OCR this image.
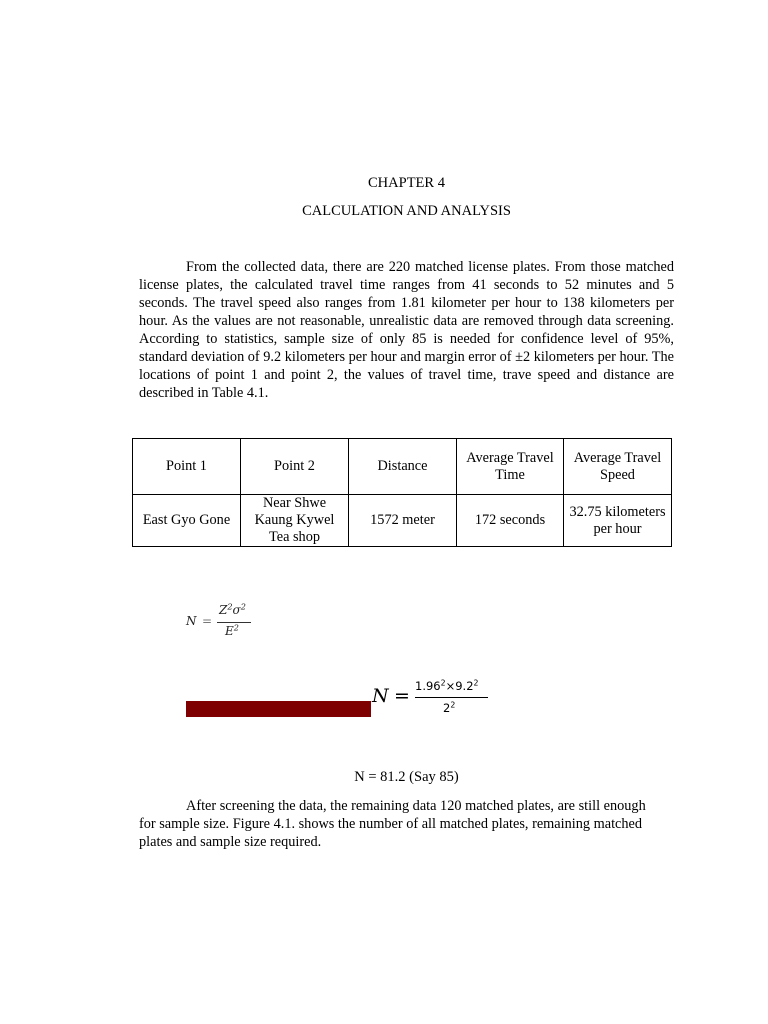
CHAPTER 4
CALCULATION AND ANALYSIS

From the collected data, there are 220 matched license plates. From those matched license plates, the calculated travel time ranges from 41 seconds to 52 minutes and 5 seconds. The travel speed also ranges from 1.81 kilometer per hour to 138 kilometers per hour. As the values are not reasonable, unrealistic data are removed through data screening. According to statistics, sample size of only 85 is needed for confidence level of 95%, standard deviation of 9.2 kilometers per hour and margin error of ±2 kilometers per hour. The locations of point 1 and point 2, the values of travel time, trave speed and distance are described in Table 4.1.

Point 1	Point 2	Distance	Average Travel Time	Average Travel Speed
East Gyo Gone	Near Shwe Kaung Kywel Tea shop	1572 meter	172 seconds	32.75 kilometers per hour
N =
$Z^2\sigma^2$
$E^2$
$N = 1.96^2\times 9.2^2$
$2^2$
N = 81.2 (Say 85)

After screening the data, the remaining data 120 matched plates, are still enough for sample size. Figure 4.1. shows the number of all matched plates, remaining matched plates and sample size required.
